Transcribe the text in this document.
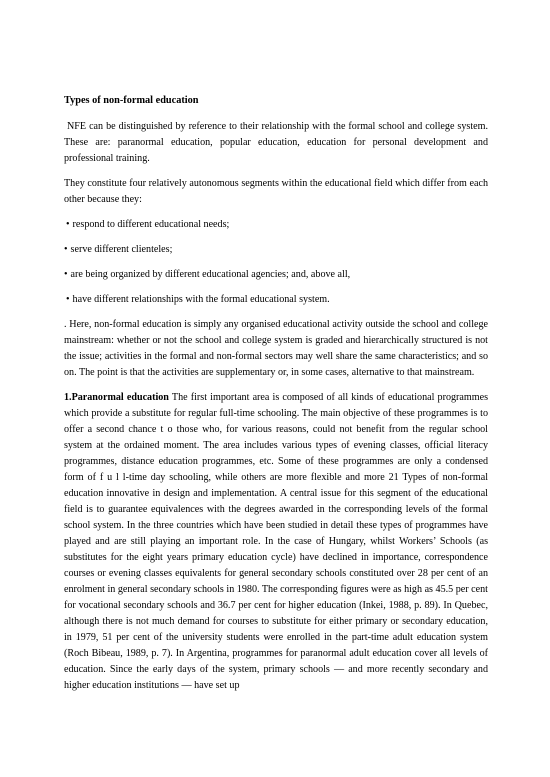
Types of non-formal education

NFE can be distinguished by reference to their relationship with the formal school and college system. These are: paranormal education, popular education, education for personal development and professional training.

They constitute four relatively autonomous segments within the educational field which differ from each other because they:

• respond to different educational needs;
• serve different clienteles;
• are being organized by different educational agencies; and, above all,
• have different relationships with the formal educational system.

. Here, non-formal education is simply any organised educational activity outside the school and college mainstream: whether or not the school and college system is graded and hierarchically structured is not the issue; activities in the formal and non-formal sectors may well share the same characteristics; and so on. The point is that the activities are supplementary or, in some cases, alternative to that mainstream.

1.Paranormal education The first important area is composed of all kinds of educational programmes which provide a substitute for regular full-time schooling. The main objective of these programmes is to offer a second chance t o those who, for various reasons, could not benefit from the regular school system at the ordained moment. The area includes various types of evening classes, official literacy programmes, distance education programmes, etc. Some of these programmes are only a condensed form of f u l l-time day schooling, while others are more flexible and more 21 Types of non-formal education innovative in design and implementation. A central issue for this segment of the educational field is to guarantee equivalences with the degrees awarded in the corresponding levels of the formal school system. In the three countries which have been studied in detail these types of programmes have played and are still playing an important role. In the case of Hungary, whilst Workers’ Schools (as substitutes for the eight years primary education cycle) have declined in importance, correspondence courses or evening classes equivalents for general secondary schools constituted over 28 per cent of an enrolment in general secondary schools in 1980. The corresponding figures were as high as 45.5 per cent for vocational secondary schools and 36.7 per cent for higher education (Inkei, 1988, p. 89). In Quebec, although there is not much demand for courses to substitute for either primary or secondary education, in 1979, 51 per cent of the university students were enrolled in the part-time adult education system (Roch Bibeau, 1989, p. 7). In Argentina, programmes for paranormal adult education cover all levels of education. Since the early days of the system, primary schools — and more recently secondary and higher education institutions — have set up
